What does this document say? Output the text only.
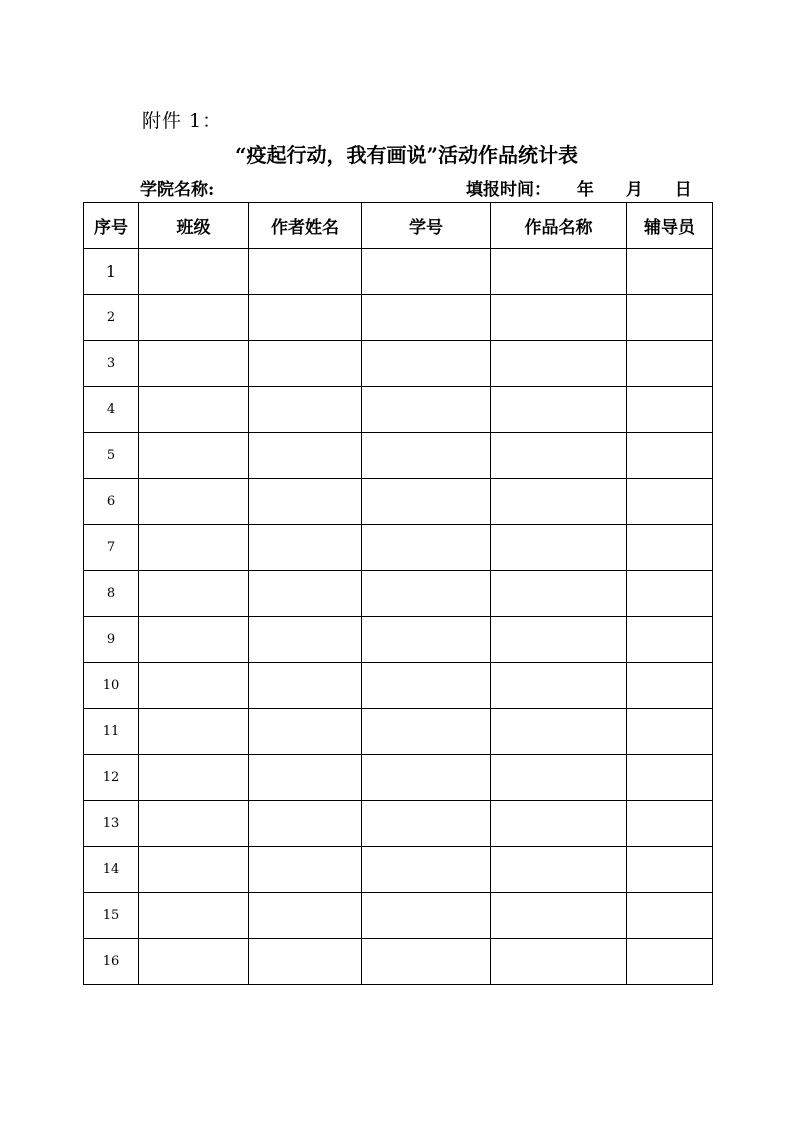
附件 1：
“疫起行动，我有画说”活动作品统计表
学院名称:	填报时间： 年 月 日
序号	班级	作者姓名	学号	作品名称	辅导员
1					
2					
3					
4					
5					
6					
7					
8					
9					
10					
11					
12					
13					
14					
15					
16					
